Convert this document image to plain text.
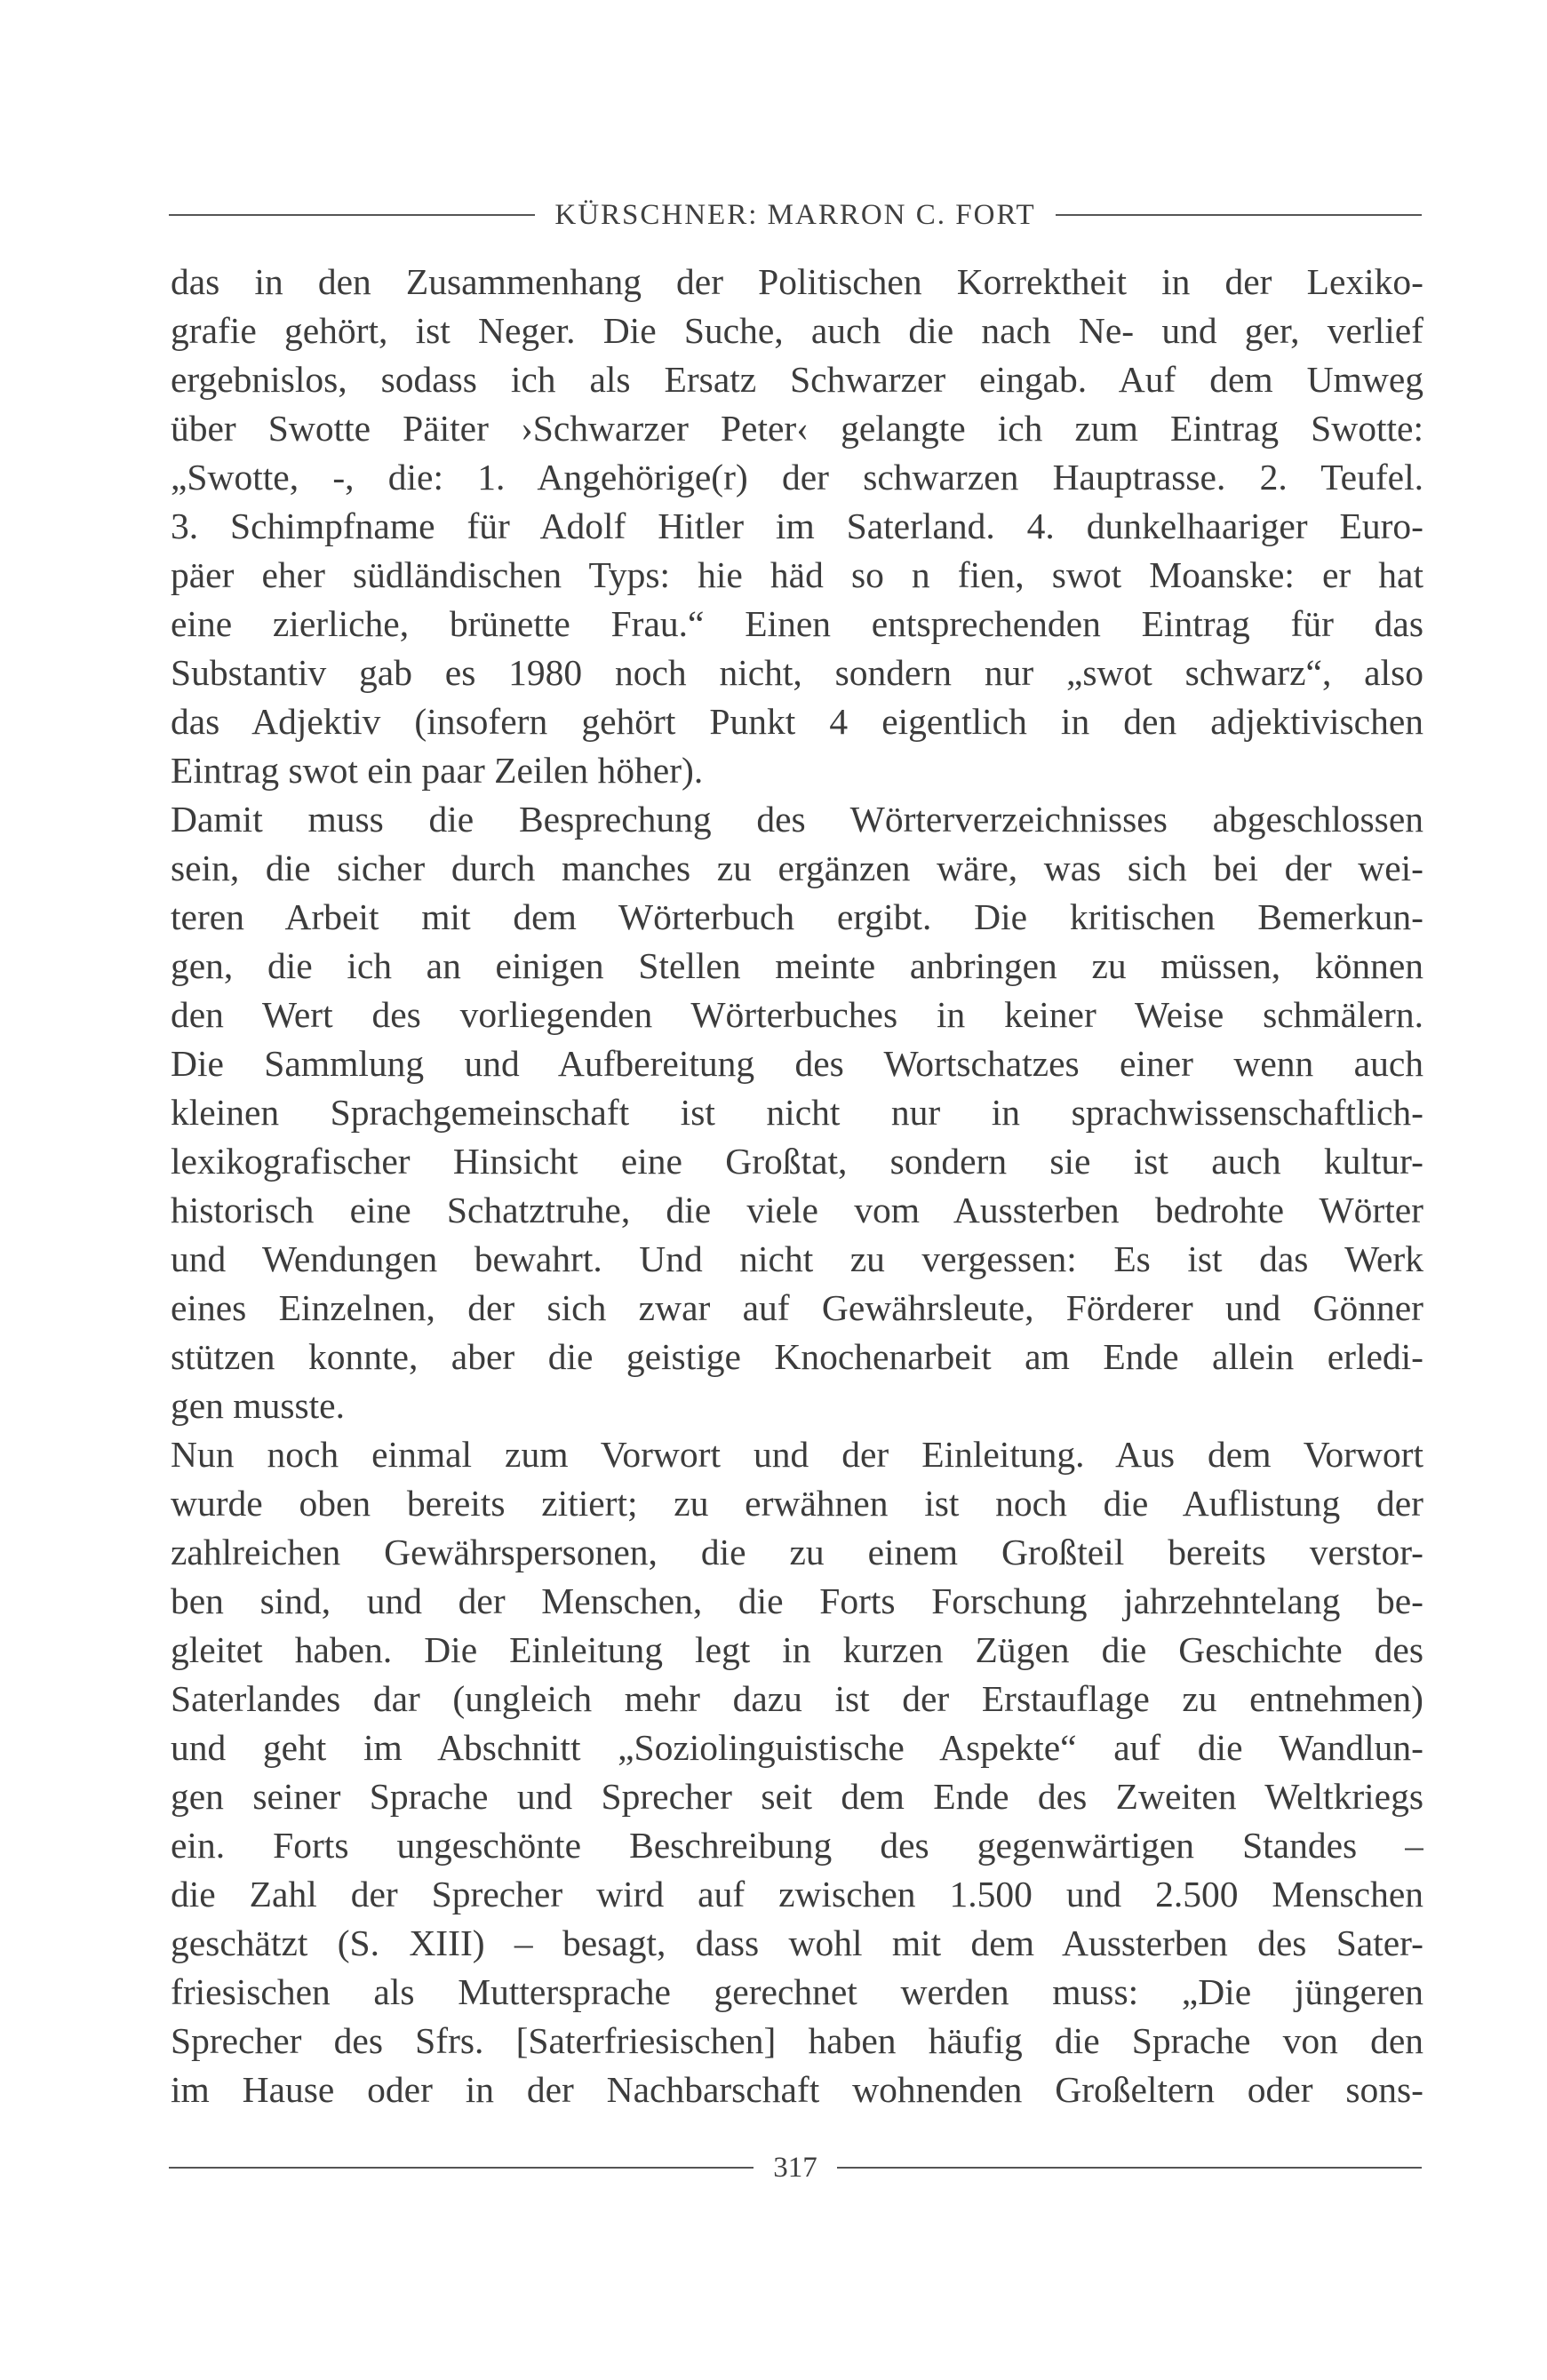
KÜRSCHNER: MARRON C. FORT
das in den Zusammenhang der Politischen Korrektheit in der Lexiko-
grafie gehört, ist Neger. Die Suche, auch die nach Ne- und ger, verlief
ergebnislos, sodass ich als Ersatz Schwarzer eingab. Auf dem Umweg
über Swotte Päiter ›Schwarzer Peter‹ gelangte ich zum Eintrag Swotte:
„Swotte, -, die: 1. Angehörige(r) der schwarzen Hauptrasse. 2. Teufel.
3. Schimpfname für Adolf Hitler im Saterland. 4. dunkelhaariger Euro-
päer eher südländischen Typs: hie häd so n fien, swot Moanske: er hat
eine zierliche, brünette Frau.“ Einen entsprechenden Eintrag für das
Substantiv gab es 1980 noch nicht, sondern nur „swot schwarz“, also
das Adjektiv (insofern gehört Punkt 4 eigentlich in den adjektivischen
Eintrag swot ein paar Zeilen höher).
Damit muss die Besprechung des Wörterverzeichnisses abgeschlossen
sein, die sicher durch manches zu ergänzen wäre, was sich bei der wei-
teren Arbeit mit dem Wörterbuch ergibt. Die kritischen Bemerkun-
gen, die ich an einigen Stellen meinte anbringen zu müssen, können
den Wert des vorliegenden Wörterbuches in keiner Weise schmälern.
Die Sammlung und Aufbereitung des Wortschatzes einer wenn auch
kleinen Sprachgemeinschaft ist nicht nur in sprachwissenschaftlich-
lexikografischer Hinsicht eine Großtat, sondern sie ist auch kultur-
historisch eine Schatztruhe, die viele vom Aussterben bedrohte Wörter
und Wendungen bewahrt. Und nicht zu vergessen: Es ist das Werk
eines Einzelnen, der sich zwar auf Gewährsleute, Förderer und Gönner
stützen konnte, aber die geistige Knochenarbeit am Ende allein erledi-
gen musste.
Nun noch einmal zum Vorwort und der Einleitung. Aus dem Vorwort
wurde oben bereits zitiert; zu erwähnen ist noch die Auflistung der
zahlreichen Gewährspersonen, die zu einem Großteil bereits verstor-
ben sind, und der Menschen, die Forts Forschung jahrzehntelang be-
gleitet haben. Die Einleitung legt in kurzen Zügen die Geschichte des
Saterlandes dar (ungleich mehr dazu ist der Erstauflage zu entnehmen)
und geht im Abschnitt „Soziolinguistische Aspekte“ auf die Wandlun-
gen seiner Sprache und Sprecher seit dem Ende des Zweiten Weltkriegs
ein. Forts ungeschönte Beschreibung des gegenwärtigen Standes –
die Zahl der Sprecher wird auf zwischen 1.500 und 2.500 Menschen
geschätzt (S. XIII) – besagt, dass wohl mit dem Aussterben des Sater-
friesischen als Muttersprache gerechnet werden muss: „Die jüngeren
Sprecher des Sfrs. [Saterfriesischen] haben häufig die Sprache von den
im Hause oder in der Nachbarschaft wohnenden Großeltern oder sons-
317
